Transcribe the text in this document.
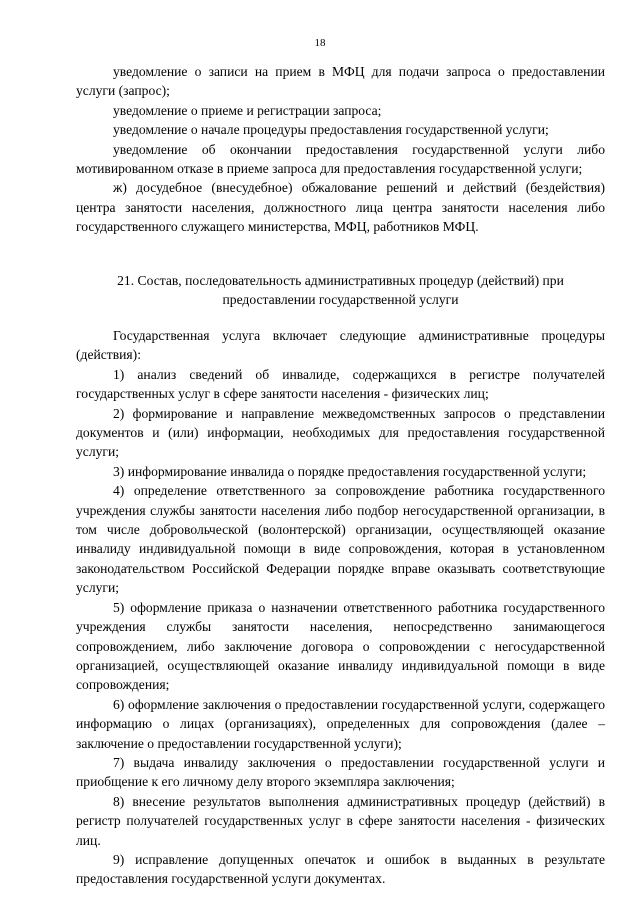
18

уведомление о записи на прием в МФЦ для подачи запроса о предоставлении услуги (запрос);

уведомление о приеме и регистрации запроса;

уведомление о начале процедуры предоставления государственной услуги;

уведомление об окончании предоставления государственной услуги либо мотивированном отказе в приеме запроса для предоставления государственной услуги;

ж) досудебное (внесудебное) обжалование решений и действий (бездействия) центра занятости населения, должностного лица центра занятости населения либо государственного служащего министерства, МФЦ, работников МФЦ.

21. Состав, последовательность административных процедур (действий) при
предоставлении государственной услуги

Государственная услуга включает следующие административные процедуры (действия):

1) анализ сведений об инвалиде, содержащихся в регистре получателей государственных услуг в сфере занятости населения - физических лиц;

2) формирование и направление межведомственных запросов о представлении документов и (или) информации, необходимых для предоставления государственной услуги;

3) информирование инвалида о порядке предоставления государственной услуги;

4) определение ответственного за сопровождение работника государственного учреждения службы занятости населения либо подбор негосударственной организации, в том числе добровольческой (волонтерской) организации, осуществляющей оказание инвалиду индивидуальной помощи в виде сопровождения, которая в установленном законодательством Российской Федерации порядке вправе оказывать соответствующие услуги;

5) оформление приказа о назначении ответственного работника государственного учреждения службы занятости населения, непосредственно занимающегося сопровождением, либо заключение договора о сопровождении с негосударственной организацией, осуществляющей оказание инвалиду индивидуальной помощи в виде сопровождения;

6) оформление заключения о предоставлении государственной услуги, содержащего информацию о лицах (организациях), определенных для сопровождения (далее – заключение о предоставлении государственной услуги);

7) выдача инвалиду заключения о предоставлении государственной услуги и приобщение к его личному делу второго экземпляра заключения;

8) внесение результатов выполнения административных процедур (действий) в регистр получателей государственных услуг в сфере занятости населения - физических лиц.

9) исправление допущенных опечаток и ошибок в выданных в результате предоставления государственной услуги документах.
